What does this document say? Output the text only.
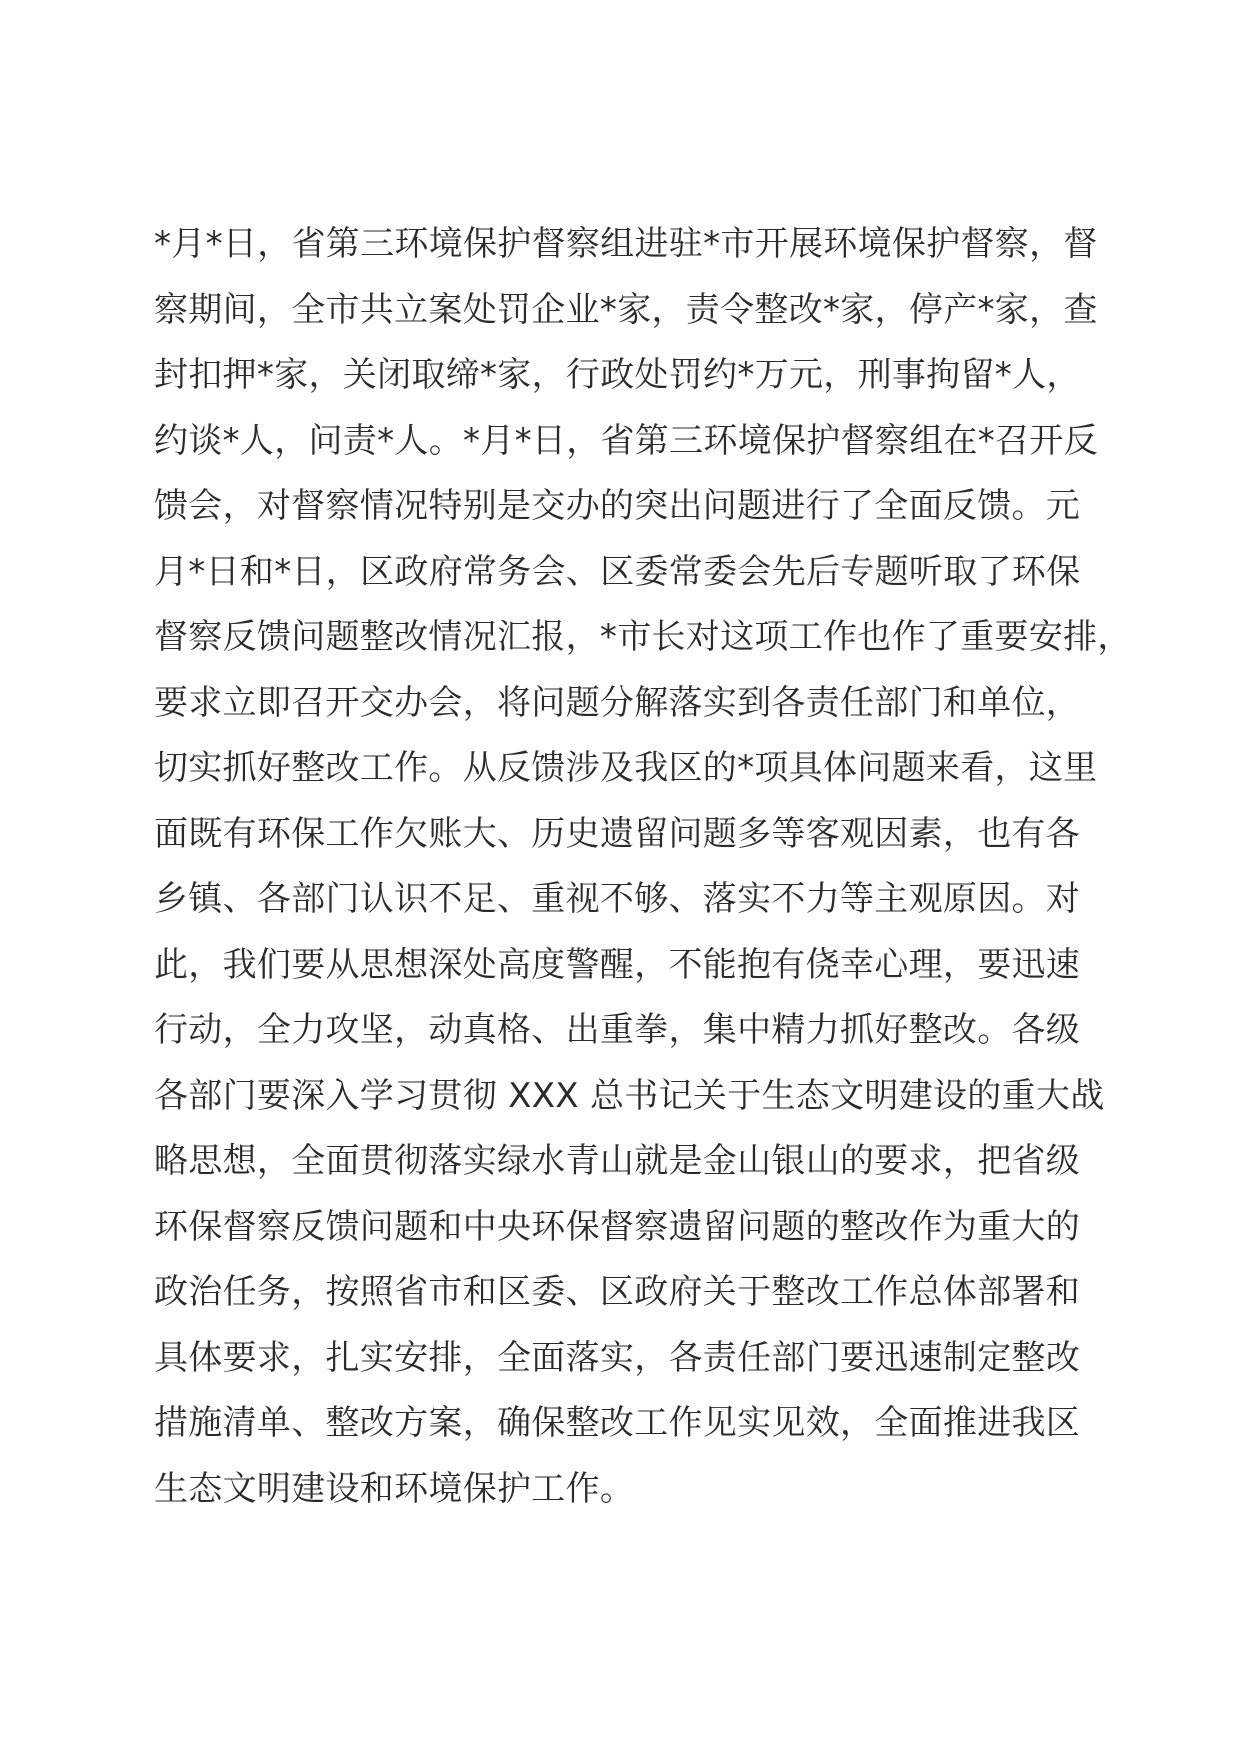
*月*日，省第三环境保护督察组进驻*市开展环境保护督察，督
察期间，全市共立案处罚企业*家，责令整改*家，停产*家，查
封扣押*家，关闭取缔*家，行政处罚约*万元，刑事拘留*人，
约谈*人，问责*人。*月*日，省第三环境保护督察组在*召开反
馈会，对督察情况特别是交办的突出问题进行了全面反馈。元
月*日和*日，区政府常务会、区委常委会先后专题听取了环保
督察反馈问题整改情况汇报，*市长对这项工作也作了重要安排，
要求立即召开交办会，将问题分解落实到各责任部门和单位，
切实抓好整改工作。从反馈涉及我区的*项具体问题来看，这里
面既有环保工作欠账大、历史遗留问题多等客观因素，也有各
乡镇、各部门认识不足、重视不够、落实不力等主观原因。对
此，我们要从思想深处高度警醒，不能抱有侥幸心理，要迅速
行动，全力攻坚，动真格、出重拳，集中精力抓好整改。各级
各部门要深入学习贯彻 XXX 总书记关于生态文明建设的重大战
略思想，全面贯彻落实绿水青山就是金山银山的要求，把省级
环保督察反馈问题和中央环保督察遗留问题的整改作为重大的
政治任务，按照省市和区委、区政府关于整改工作总体部署和
具体要求，扎实安排，全面落实，各责任部门要迅速制定整改
措施清单、整改方案，确保整改工作见实见效，全面推进我区
生态文明建设和环境保护工作。
